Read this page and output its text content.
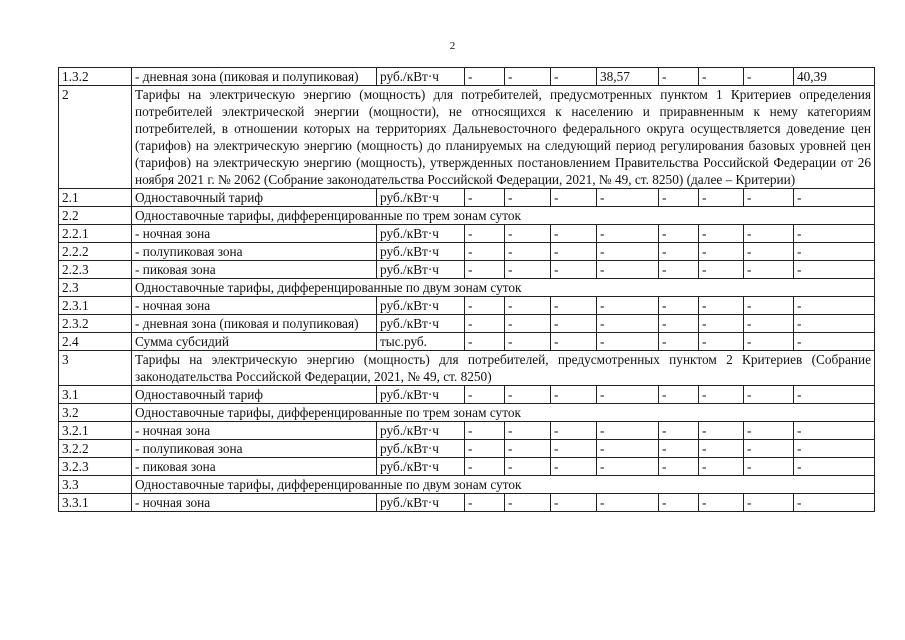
2
1.3.2	- дневная зона (пиковая и полупиковая)	руб./кВт·ч	-	-	-	38,57	-	-	-	40,39
2	Тарифы на электрическую энергию (мощность) для потребителей, предусмотренных пунктом 1 Критериев определения потребителей электрической энергии (мощности), не относящихся к населению и приравненным к нему категориям потребителей, в отношении которых на территориях Дальневосточного федерального округа осуществляется доведение цен (тарифов) на электрическую энергию (мощность) до планируемых на следующий период регулирования базовых уровней цен (тарифов) на электрическую энергию (мощность), утвержденных постановлением Правительства Российской Федерации от 26 ноября 2021 г. № 2062 (Собрание законодательства Российской Федерации, 2021, № 49, ст. 8250) (далее – Критерии)									
2.1	Одноставочный тариф	руб./кВт·ч	-	-	-	-	-	-	-	-
2.2	Одноставочные тарифы, дифференцированные по трем зонам суток									
2.2.1	- ночная зона	руб./кВт·ч	-	-	-	-	-	-	-	-
2.2.2	- полупиковая зона	руб./кВт·ч	-	-	-	-	-	-	-	-
2.2.3	- пиковая зона	руб./кВт·ч	-	-	-	-	-	-	-	-
2.3	Одноставочные тарифы, дифференцированные по двум зонам суток									
2.3.1	- ночная зона	руб./кВт·ч	-	-	-	-	-	-	-	-
2.3.2	- дневная зона (пиковая и полупиковая)	руб./кВт·ч	-	-	-	-	-	-	-	-
2.4	Сумма субсидий	тыс.руб.	-	-	-	-	-	-	-	-
3	Тарифы на электрическую энергию (мощность) для потребителей, предусмотренных пунктом 2 Критериев (Собрание законодательства Российской Федерации, 2021, № 49, ст. 8250)									
3.1	Одноставочный тариф	руб./кВт·ч	-	-	-	-	-	-	-	-
3.2	Одноставочные тарифы, дифференцированные по трем зонам суток									
3.2.1	- ночная зона	руб./кВт·ч	-	-	-	-	-	-	-	-
3.2.2	- полупиковая зона	руб./кВт·ч	-	-	-	-	-	-	-	-
3.2.3	- пиковая зона	руб./кВт·ч	-	-	-	-	-	-	-	-
3.3	Одноставочные тарифы, дифференцированные по двум зонам суток									
3.3.1	- ночная зона	руб./кВт·ч	-	-	-	-	-	-	-	-
